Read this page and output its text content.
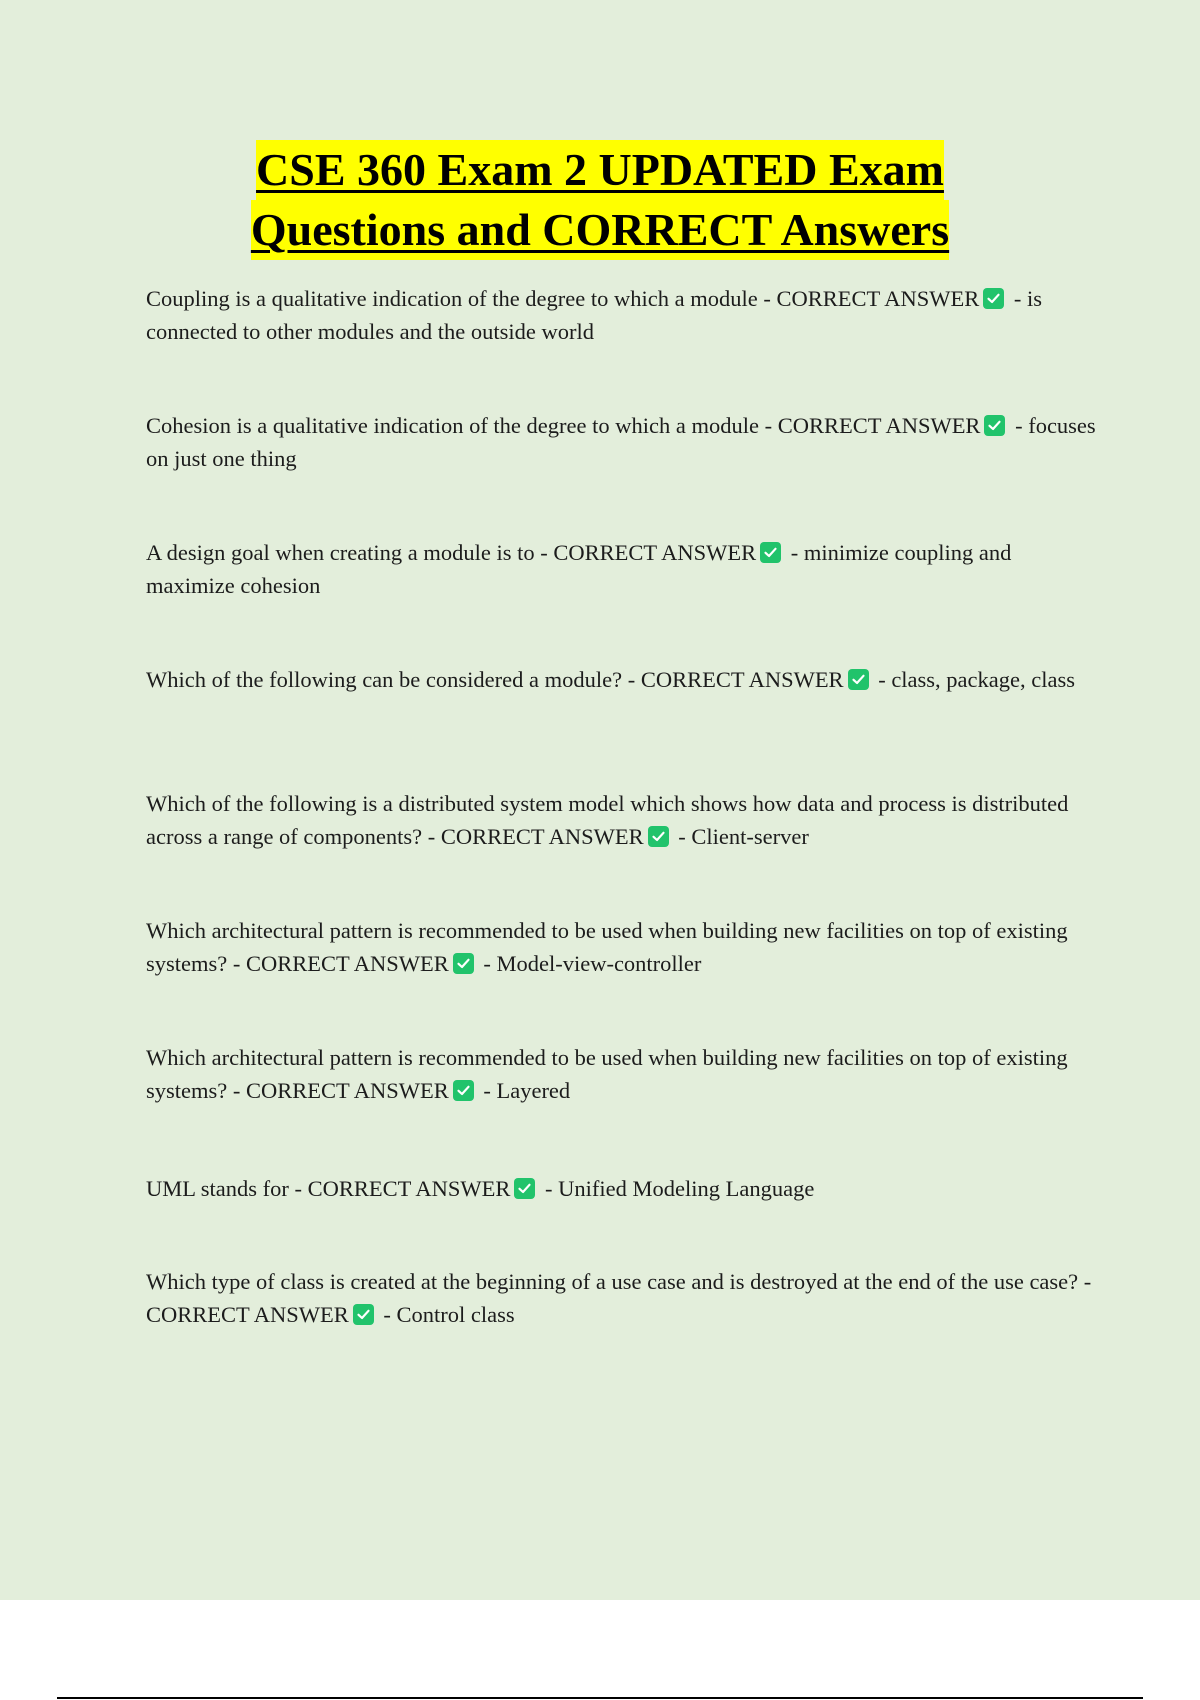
CSE 360 Exam 2 UPDATED Exam
Questions and CORRECT Answers
Coupling is a qualitative indication of the degree to which a module - CORRECT ANSWER
- is connected to other modules and the outside world
Cohesion is a qualitative indication of the degree to which a module - CORRECT ANSWER
- focuses on just one thing
A design goal when creating a module is to - CORRECT ANSWER
- minimize coupling and maximize cohesion
Which of the following can be considered a module? - CORRECT ANSWER
- class, package, class
Which of the following is a distributed system model which shows how data and process is distributed across a range of components? - CORRECT ANSWER
- Client-server
Which architectural pattern is recommended to be used when building new facilities on top of existing systems? - CORRECT ANSWER
- Model-view-controller
Which architectural pattern is recommended to be used when building new facilities on top of existing systems? - CORRECT ANSWER
- Layered
UML stands for - CORRECT ANSWER
- Unified Modeling Language
Which type of class is created at the beginning of a use case and is destroyed at the end of the use case? - CORRECT ANSWER
- Control class
